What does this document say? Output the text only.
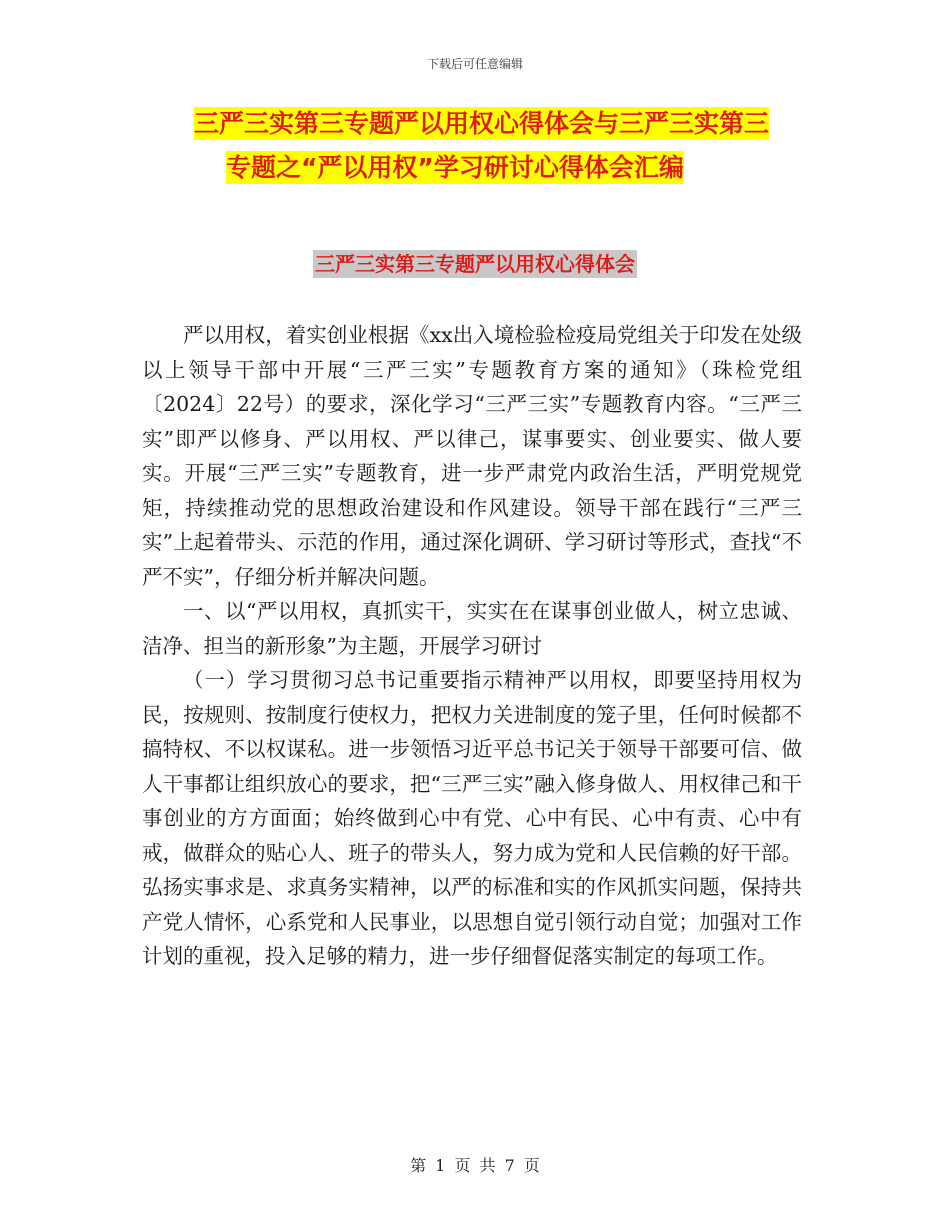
下载后可任意编辑
三严三实第三专题严以用权心得体会与三严三实第三
专题之“严以用权”学习研讨心得体会汇编
三严三实第三专题严以用权心得体会

严以用权，着实创业根据《xx出入境检验检疫局党组关于印发在处级以上领导干部中开展“三严三实”专题教育方案的通知》（珠检党组〔2024〕22号）的要求，深化学习“三严三实”专题教育内容。“三严三实”即严以修身、严以用权、严以律己，谋事要实、创业要实、做人要实。开展“三严三实”专题教育，进一步严肃党内政治生活，严明党规党矩，持续推动党的思想政治建设和作风建设。领导干部在践行“三严三实”上起着带头、示范的作用，通过深化调研、学习研讨等形式，查找“不严不实”，仔细分析并解决问题。

一、以“严以用权，真抓实干，实实在在谋事创业做人，树立忠诚、洁净、担当的新形象”为主题，开展学习研讨

（一）学习贯彻习总书记重要指示精神严以用权，即要坚持用权为民，按规则、按制度行使权力，把权力关进制度的笼子里，任何时候都不搞特权、不以权谋私。进一步领悟习近平总书记关于领导干部要可信、做人干事都让组织放心的要求，把“三严三实”融入修身做人、用权律己和干事创业的方方面面；始终做到心中有党、心中有民、心中有责、心中有戒，做群众的贴心人、班子的带头人，努力成为党和人民信赖的好干部。弘扬实事求是、求真务实精神，以严的标准和实的作风抓实问题，保持共产党人情怀，心系党和人民事业，以思想自觉引领行动自觉；加强对工作计划的重视，投入足够的精力，进一步仔细督促落实制定的每项工作。

第 1 页 共 7 页
